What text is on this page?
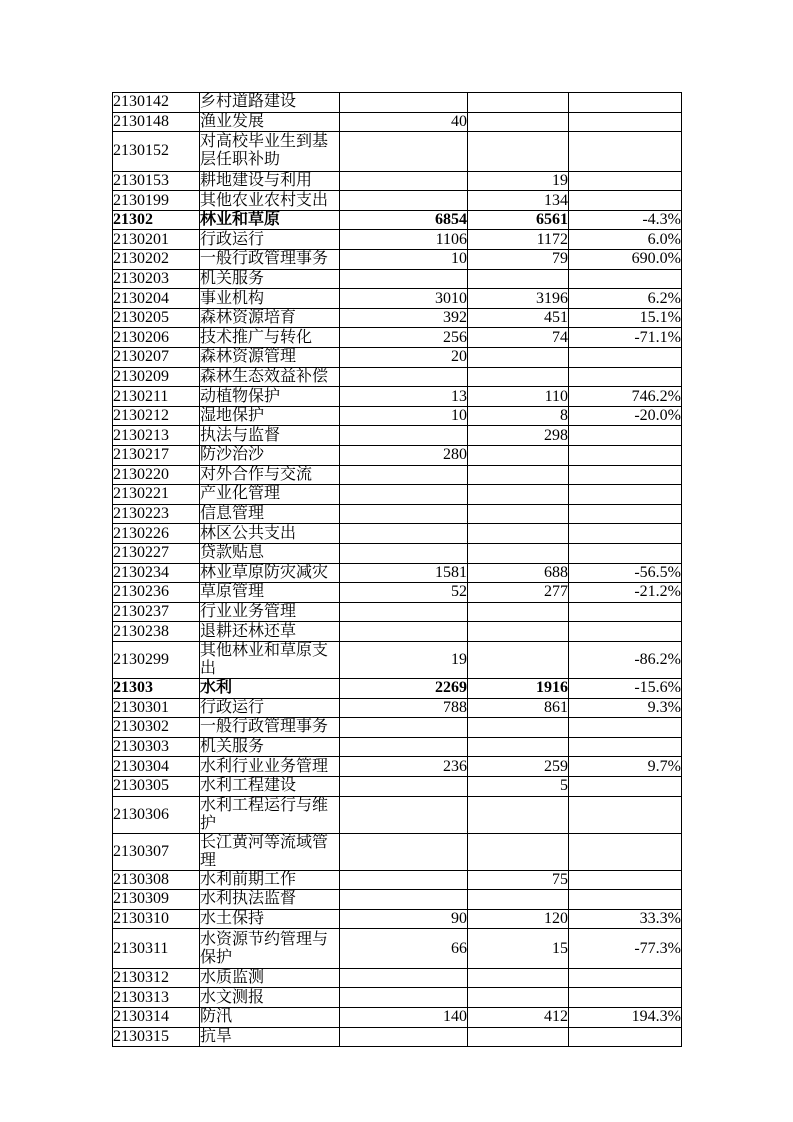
2130142	乡村道路建设			
2130148	渔业发展	40		
2130152	对高校毕业生到基层任职补助			
2130153	耕地建设与利用		19	
2130199	其他农业农村支出		134	
21302	林业和草原	6854	6561	-4.3%
2130201	行政运行	1106	1172	6.0%
2130202	一般行政管理事务	10	79	690.0%
2130203	机关服务			
2130204	事业机构	3010	3196	6.2%
2130205	森林资源培育	392	451	15.1%
2130206	技术推广与转化	256	74	-71.1%
2130207	森林资源管理	20		
2130209	森林生态效益补偿			
2130211	动植物保护	13	110	746.2%
2130212	湿地保护	10	8	-20.0%
2130213	执法与监督		298	
2130217	防沙治沙	280		
2130220	对外合作与交流			
2130221	产业化管理			
2130223	信息管理			
2130226	林区公共支出			
2130227	贷款贴息			
2130234	林业草原防灾减灾	1581	688	-56.5%
2130236	草原管理	52	277	-21.2%
2130237	行业业务管理			
2130238	退耕还林还草			
2130299	其他林业和草原支出	19		-86.2%
21303	水利	2269	1916	-15.6%
2130301	行政运行	788	861	9.3%
2130302	一般行政管理事务			
2130303	机关服务			
2130304	水利行业业务管理	236	259	9.7%
2130305	水利工程建设		5	
2130306	水利工程运行与维护			
2130307	长江黄河等流域管理			
2130308	水利前期工作		75	
2130309	水利执法监督			
2130310	水土保持	90	120	33.3%
2130311	水资源节约管理与保护	66	15	-77.3%
2130312	水质监测			
2130313	水文测报			
2130314	防汛	140	412	194.3%
2130315	抗旱			
